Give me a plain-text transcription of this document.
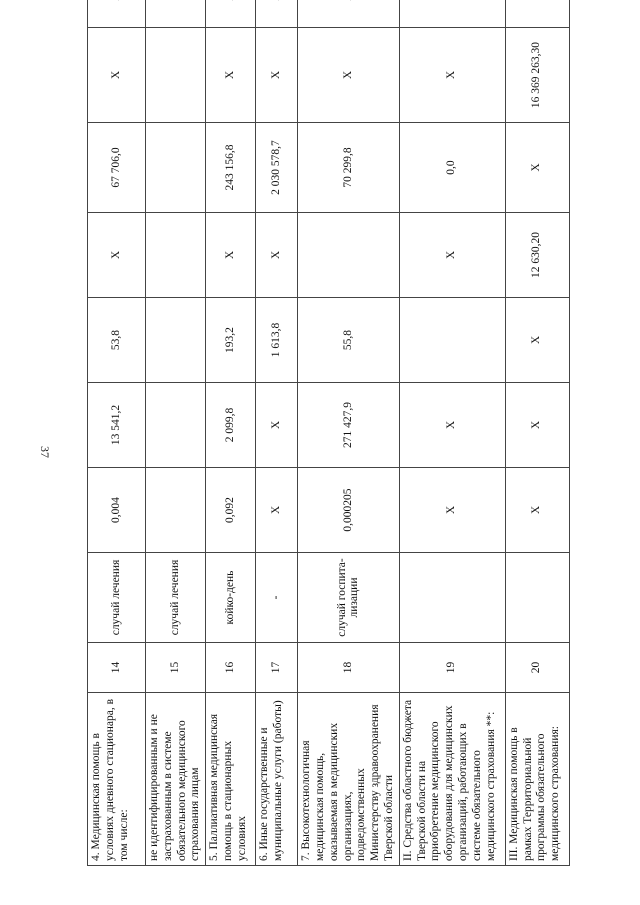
37
4. Медицинская помощь в условиях дневного стационара, в том числе:	14	случай лечения	0,004	13 541,2	53,8	Х	67 706,0	Х	
не идентифицированным и не застрахованным в системе обязательного медицинского страхования лицам	15	случай лечения							
5. Паллиативная медицинская помощь в стационарных условиях	16	койко-день	0,092	2 099,8	193,2	Х	243 156,8	Х	
6. Иные государственные и муниципальные услуги (работы)	17	-	Х	Х	1 613,8	Х	2 030 578,7	Х	
7. Высокотехнологичная медицинская помощь, оказываемая в медицинских организациях, подведомственных Министерству здравоохранения Тверской области	18	случай госпита-лизации	0,000205	271 427,9	55,8		70 299,8	Х	
II. Средства областного бюджета Тверской области на приобретение медицинского оборудования для медицинских организаций, работающих в системе обязательного медицинского страхования **:	19		Х	Х		Х	0,0	Х	
III. Медицинская помощь в рамках Территориальной программы обязательного медицинского страхования:	20		Х	Х	Х	12 630,20	Х	16 369 263,30	
